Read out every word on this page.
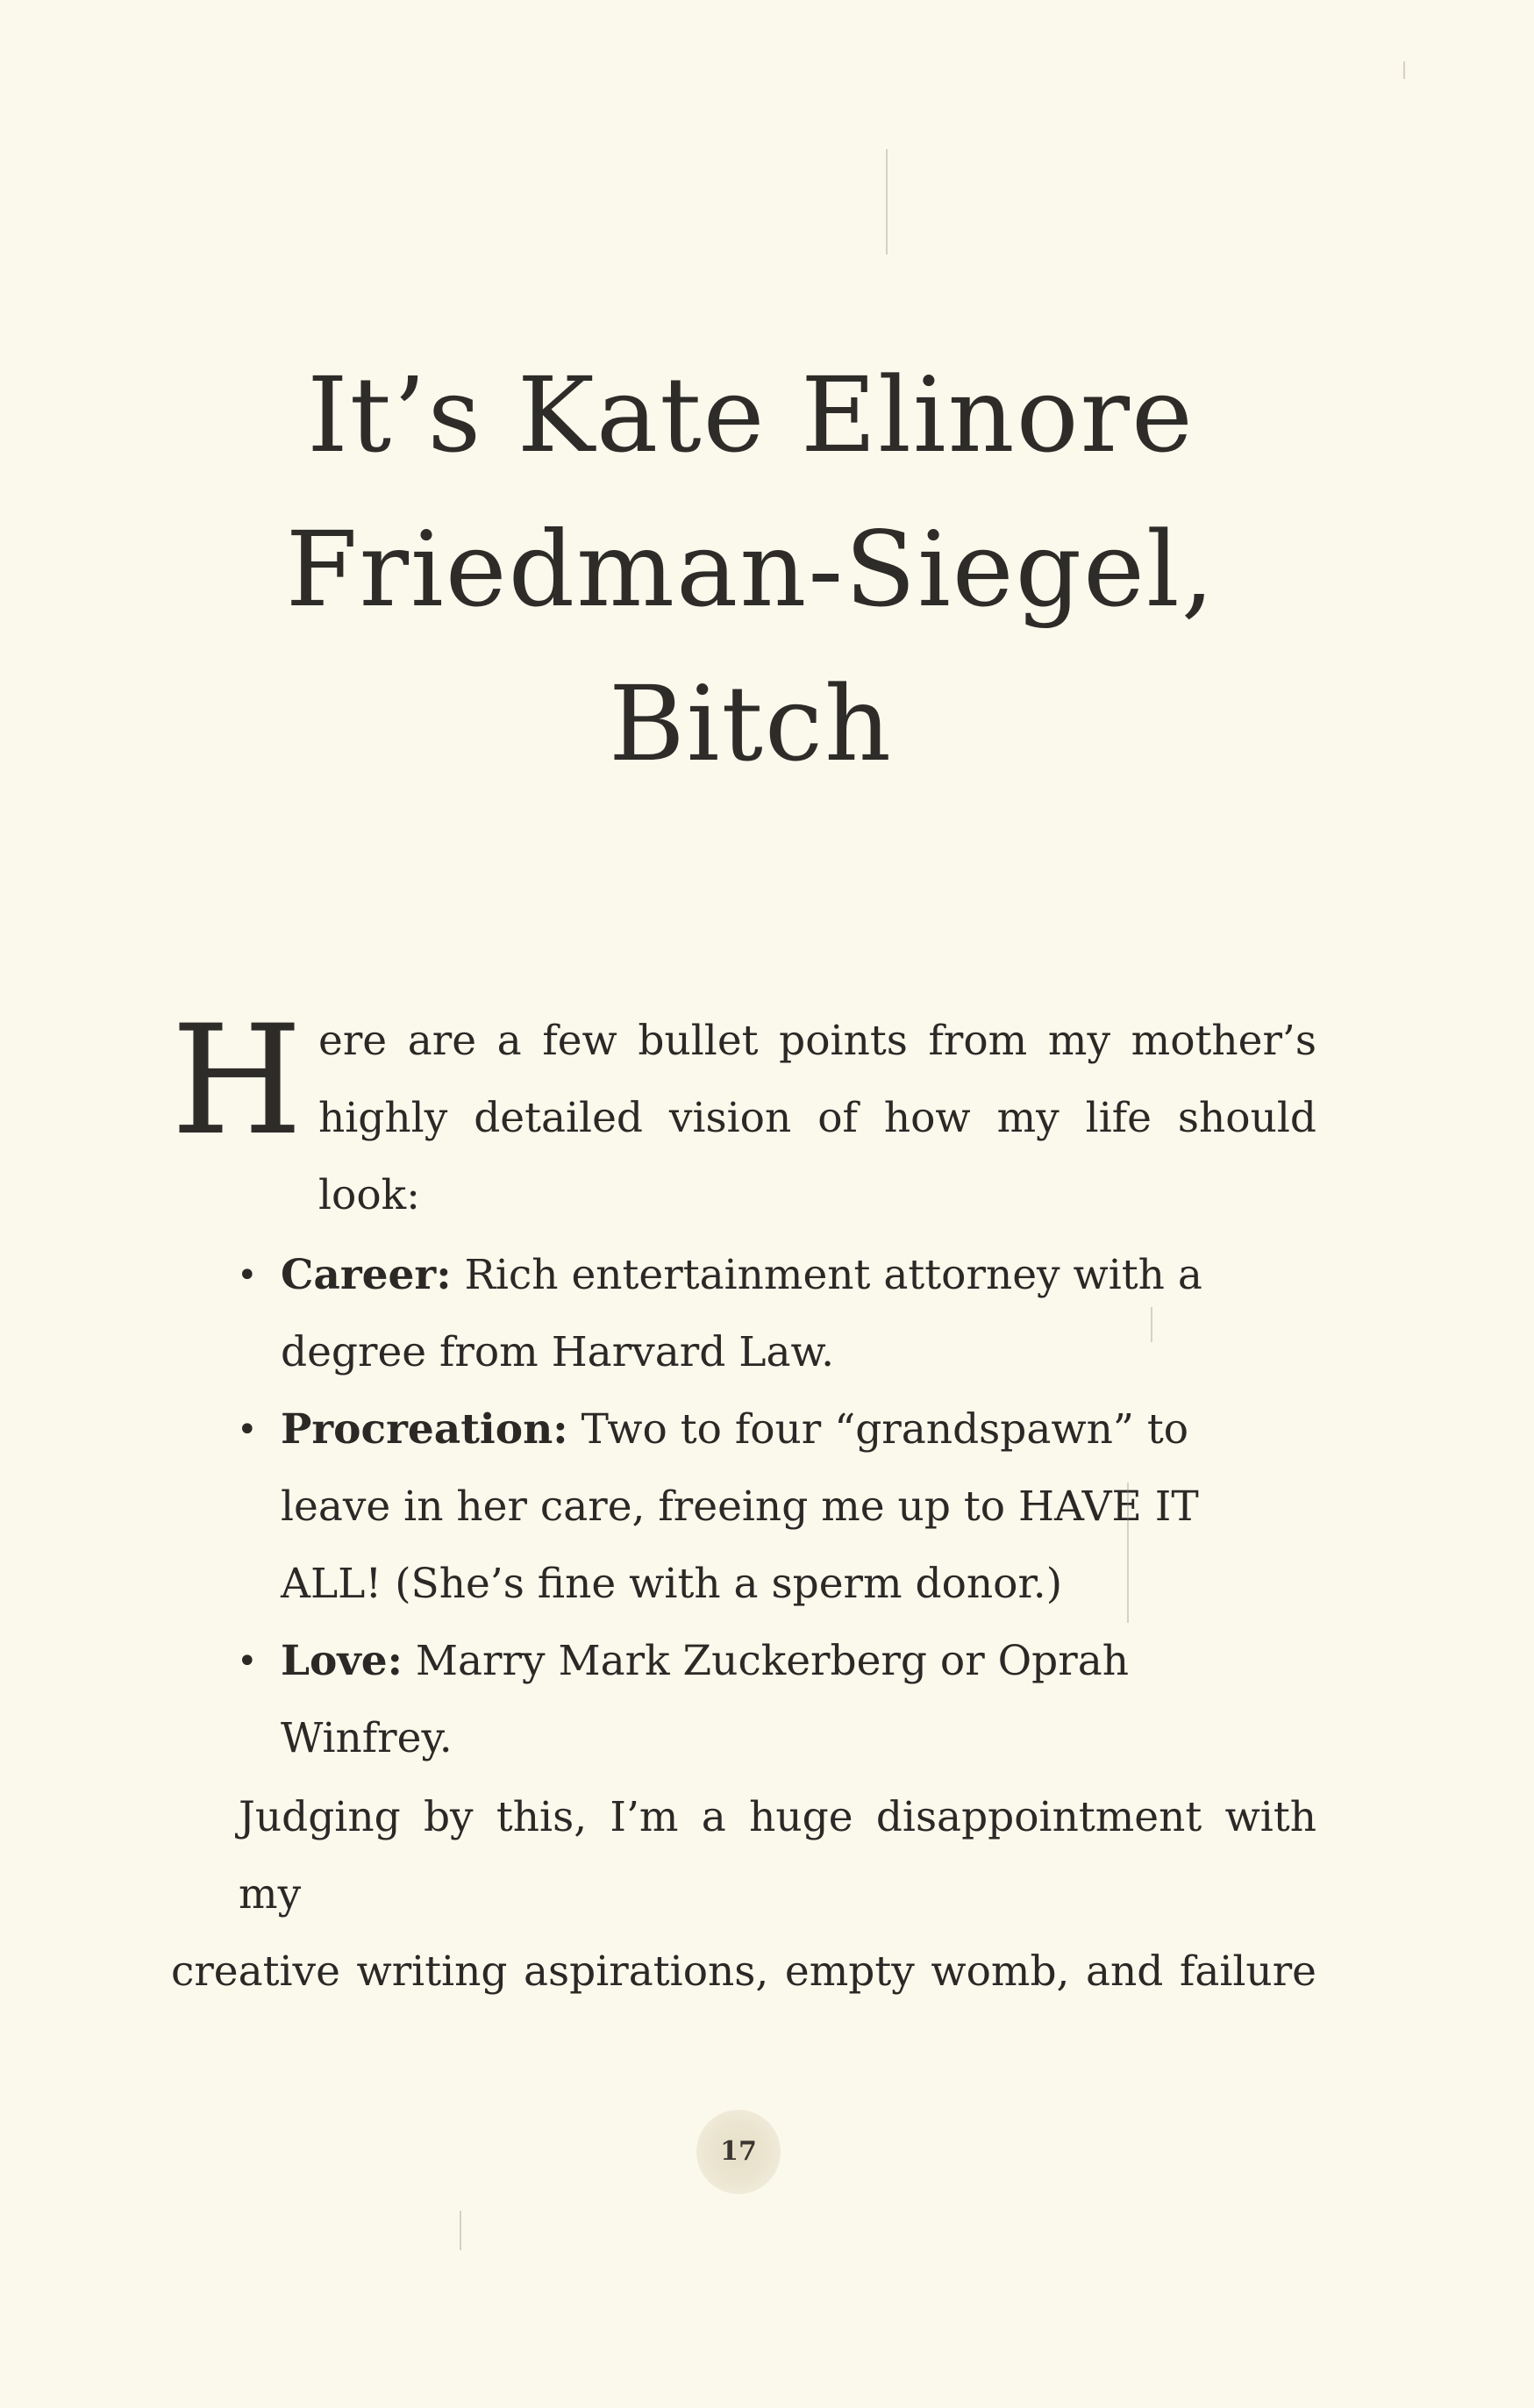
It’s Kate Elinore
Friedman-Siegel,
Bitch
H ere are a few bullet points from my mother’s
highly detailed vision of how my life should look:
• Career: Rich entertainment attorney with a degree from Harvard Law.
• Procreation: Two to four “grandspawn” to leave in her care, freeing me up to HAVE IT ALL! (She’s fine with a sperm donor.)
• Love: Marry Mark Zuckerberg or Oprah Winfrey.
Judging by this, I’m a huge disappointment with my
creative writing aspirations, empty womb, and failure
17
